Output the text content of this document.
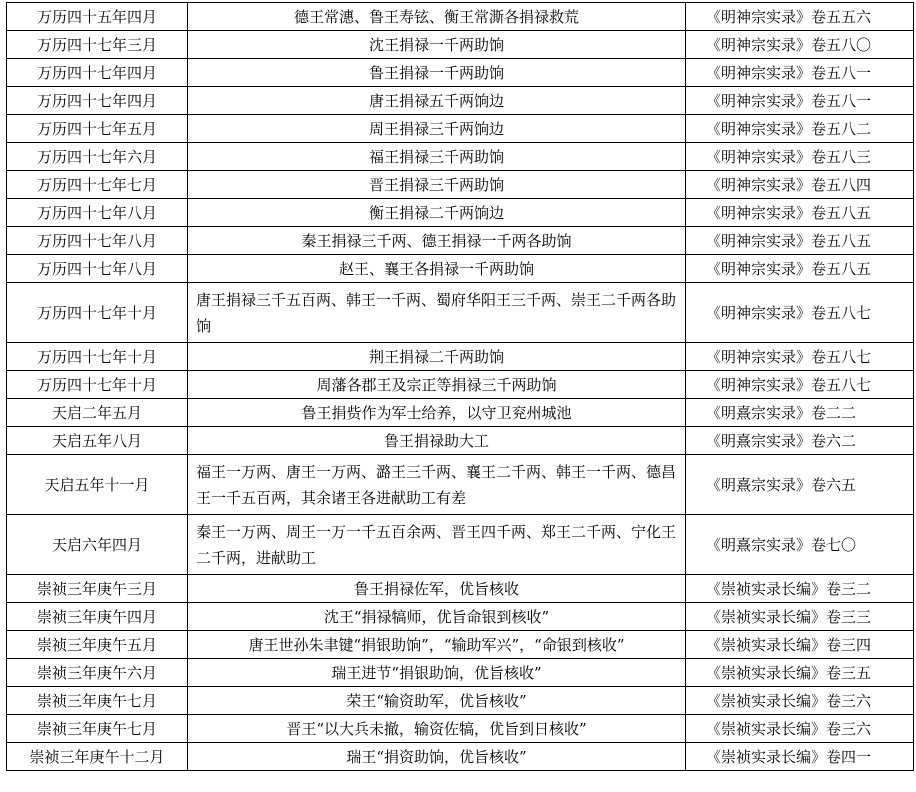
万历四十五年四月	德王常潓、鲁王寿铉、衡王常澌各捐禄救荒	《明神宗实录》卷五五六
万历四十七年三月	沈王捐禄一千两助饷	《明神宗实录》卷五八〇
万历四十七年四月	鲁王捐禄一千两助饷	《明神宗实录》卷五八一
万历四十七年四月	唐王捐禄五千两饷边	《明神宗实录》卷五八一
万历四十七年五月	周王捐禄三千两饷边	《明神宗实录》卷五八二
万历四十七年六月	福王捐禄三千两助饷	《明神宗实录》卷五八三
万历四十七年七月	晋王捐禄三千两助饷	《明神宗实录》卷五八四
万历四十七年八月	衡王捐禄二千两饷边	《明神宗实录》卷五八五
万历四十七年八月	秦王捐禄三千两、德王捐禄一千两各助饷	《明神宗实录》卷五八五
万历四十七年八月	赵王、襄王各捐禄一千两助饷	《明神宗实录》卷五八五
万历四十七年十月	唐王捐禄三千五百两、韩王一千两、蜀府华阳王三千两、崇王二千两各助饷	《明神宗实录》卷五八七
万历四十七年十月	荆王捐禄二千两助饷	《明神宗实录》卷五八七
万历四十七年十月	周藩各郡王及宗正等捐禄三千两助饷	《明神宗实录》卷五八七
天启二年五月	鲁王捐赀作为军士给养，以守卫兖州城池	《明熹宗实录》卷二二
天启五年八月	鲁王捐禄助大工	《明熹宗实录》卷六二
天启五年十一月	福王一万两、唐王一万两、潞王三千两、襄王二千两、韩王一千两、德昌王一千五百两，其余诸王各进献助工有差	《明熹宗实录》卷六五
天启六年四月	秦王一万两、周王一万一千五百余两、晋王四千两、郑王二千两、宁化王二千两，进献助工	《明熹宗实录》卷七〇
崇祯三年庚午三月	鲁王捐禄佐军，优旨核收	《崇祯实录长编》卷三二
崇祯三年庚午四月	沈王“捐禄犒师，优旨命银到核收”	《崇祯实录长编》卷三三
崇祯三年庚午五月	唐王世孙朱聿键“捐银助饷”，“输助军兴”，“命银到核收”	《崇祯实录长编》卷三四
崇祯三年庚午六月	瑞王进节“捐银助饷，优旨核收”	《崇祯实录长编》卷三五
崇祯三年庚午七月	荣王“输资助军，优旨核收”	《崇祯实录长编》卷三六
崇祯三年庚午七月	晋王“以大兵未撤，输资佐犒，优旨到日核收”	《崇祯实录长编》卷三六
崇祯三年庚午十二月	瑞王“捐资助饷，优旨核收”	《崇祯实录长编》卷四一
